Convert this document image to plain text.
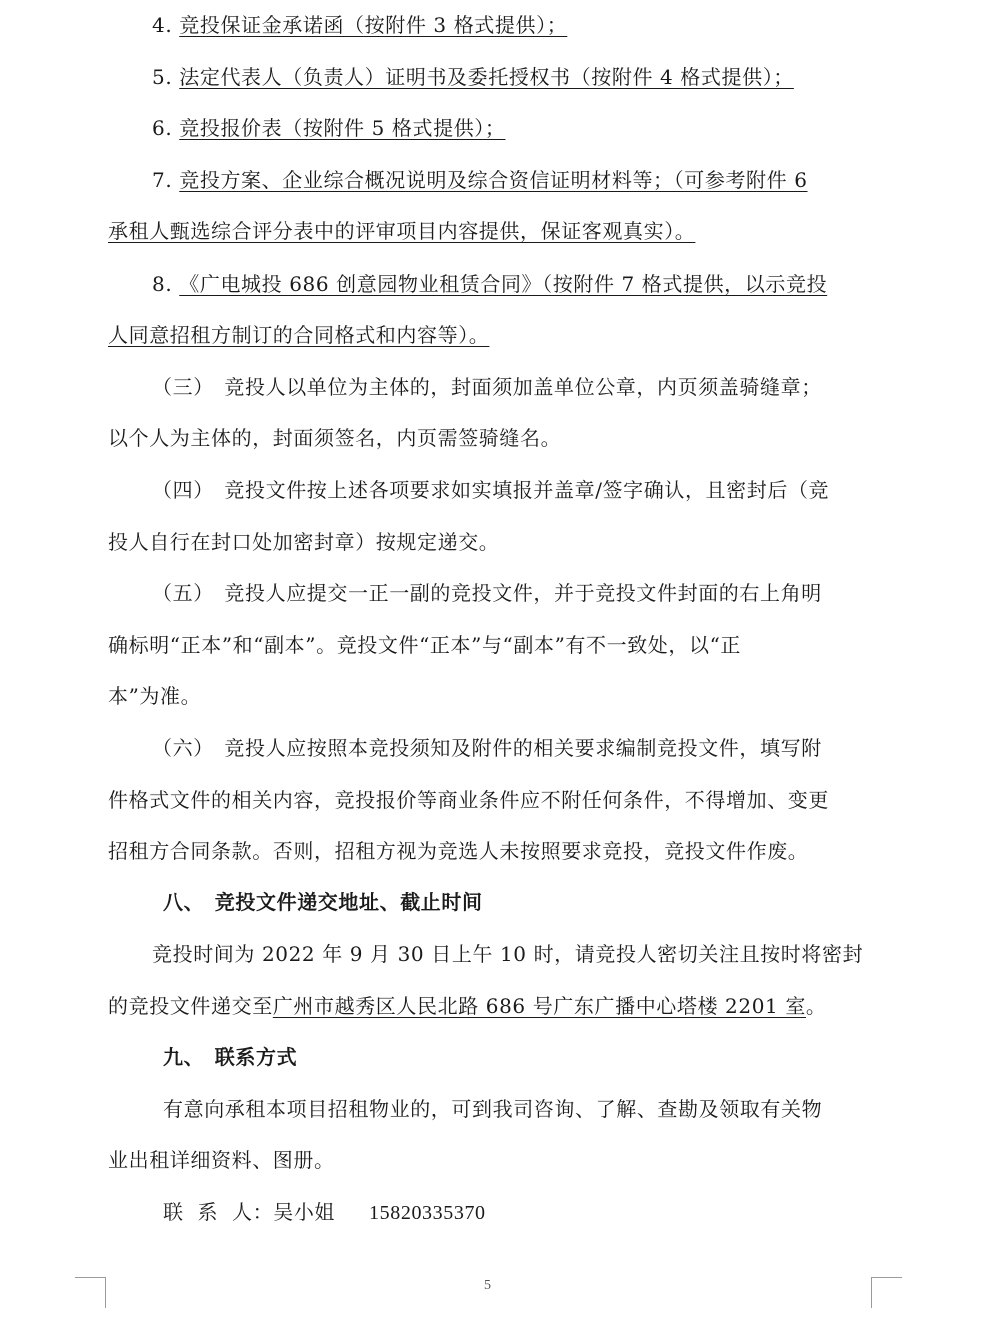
4. 竞投保证金承诺函（按附件 3 格式提供）；
5. 法定代表人（负责人）证明书及委托授权书（按附件 4 格式提供）；
6. 竞投报价表（按附件 5 格式提供）；
7. 竞投方案、企业综合概况说明及综合资信证明材料等；（可参考附件 6
承租人甄选综合评分表中的评审项目内容提供，保证客观真实）。
8. 《广电城投 686 创意园物业租赁合同》（按附件 7 格式提供，以示竞投
人同意招租方制订的合同格式和内容等）。
（三）　竞投人以单位为主体的，封面须加盖单位公章，内页须盖骑缝章；
以个人为主体的，封面须签名，内页需签骑缝名。
（四）　竞投文件按上述各项要求如实填报并盖章/签字确认，且密封后（竞
投人自行在封口处加密封章）按规定递交。
（五）　竞投人应提交一正一副的竞投文件，并于竞投文件封面的右上角明
确标明“正本”和“副本”。竞投文件“正本”与“副本”有不一致处，以“正
本”为准。
（六）　竞投人应按照本竞投须知及附件的相关要求编制竞投文件，填写附
件格式文件的相关内容，竞投报价等商业条件应不附任何条件，不得增加、变更
招租方合同条款。否则，招租方视为竞选人未按照要求竞投，竞投文件作废。
八、　竞投文件递交地址、截止时间
竞投时间为 2022 年 9 月 30 日上午 10 时，请竞投人密切关注且按时将密封
的竞投文件递交至广州市越秀区人民北路 686 号广东广播中心塔楼 2201 室。
九、　联系方式
有意向承租本项目招租物业的，可到我司咨询、了解、查勘及领取有关物
业出租详细资料、图册。
联  系  人：吴小姐 15820335370
5
